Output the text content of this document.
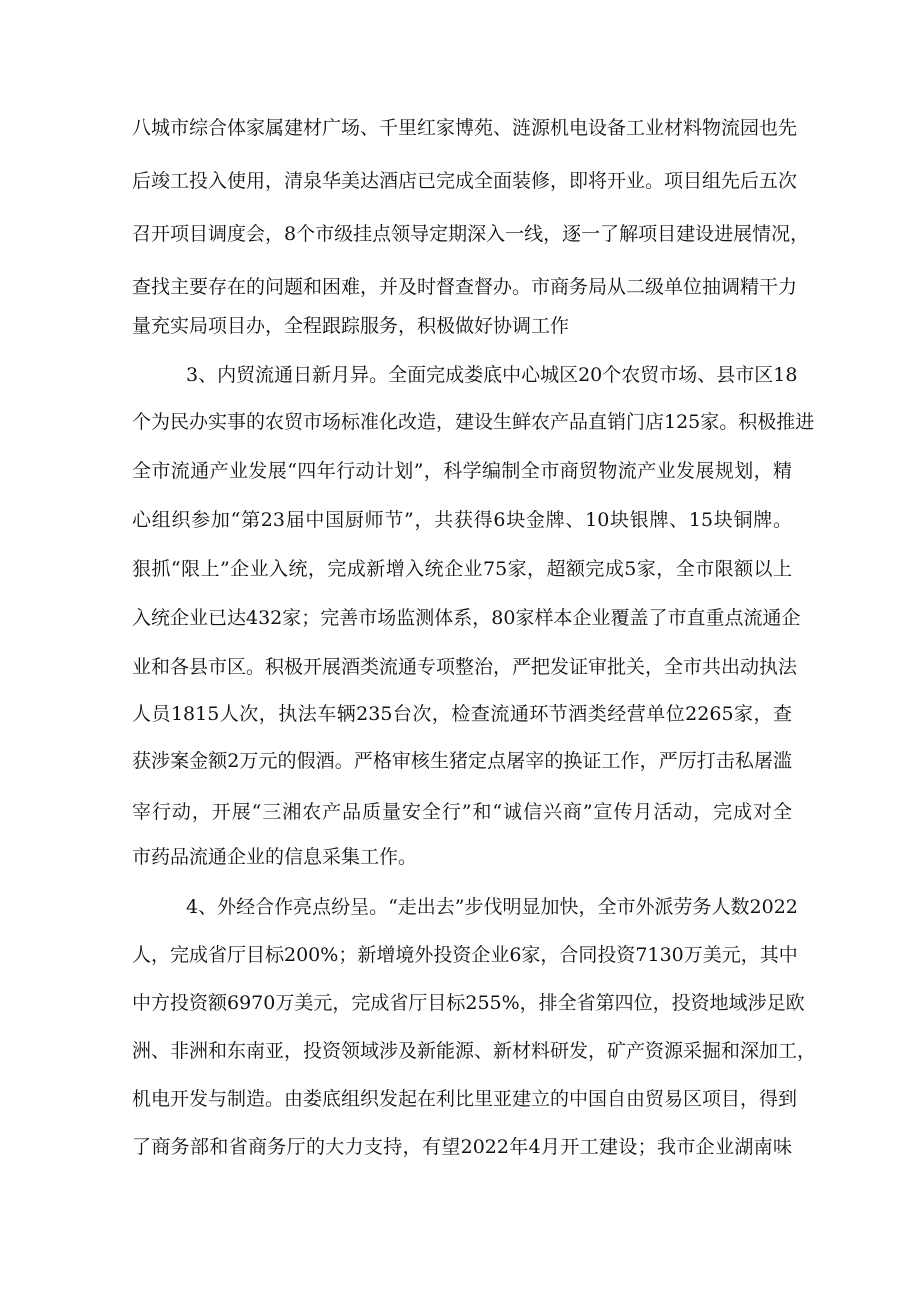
八城市综合体家属建材广场、千里红家博苑、涟源机电设备工业材料物流园也先
后竣工投入使用，清泉华美达酒店已完成全面装修，即将开业。项目组先后五次
召开项目调度会，8个市级挂点领导定期深入一线，逐一了解项目建设进展情况，
查找主要存在的问题和困难，并及时督查督办。市商务局从二级单位抽调精干力
量充实局项目办，全程跟踪服务，积极做好协调工作
3、内贸流通日新月异。全面完成娄底中心城区20个农贸市场、县市区18
个为民办实事的农贸市场标准化改造，建设生鲜农产品直销门店125家。积极推进
全市流通产业发展“四年行动计划”，科学编制全市商贸物流产业发展规划，精
心组织参加“第23届中国厨师节”，共获得6块金牌、10块银牌、15块铜牌。
狠抓“限上”企业入统，完成新增入统企业75家，超额完成5家，全市限额以上
入统企业已达432家；完善市场监测体系，80家样本企业覆盖了市直重点流通企
业和各县市区。积极开展酒类流通专项整治，严把发证审批关，全市共出动执法
人员1815人次，执法车辆235台次，检查流通环节酒类经营单位2265家，查
获涉案金额2万元的假酒。严格审核生猪定点屠宰的换证工作，严厉打击私屠滥
宰行动，开展“三湘农产品质量安全行”和“诚信兴商”宣传月活动，完成对全
市药品流通企业的信息采集工作。
4、外经合作亮点纷呈。“走出去”步伐明显加快，全市外派劳务人数2022
人，完成省厅目标200%；新增境外投资企业6家，合同投资7130万美元，其中
中方投资额6970万美元，完成省厅目标255%，排全省第四位，投资地域涉足欧
洲、非洲和东南亚，投资领域涉及新能源、新材料研发，矿产资源采掘和深加工，
机电开发与制造。由娄底组织发起在利比里亚建立的中国自由贸易区项目，得到
了商务部和省商务厅的大力支持，有望2022年4月开工建设；我市企业湖南味
